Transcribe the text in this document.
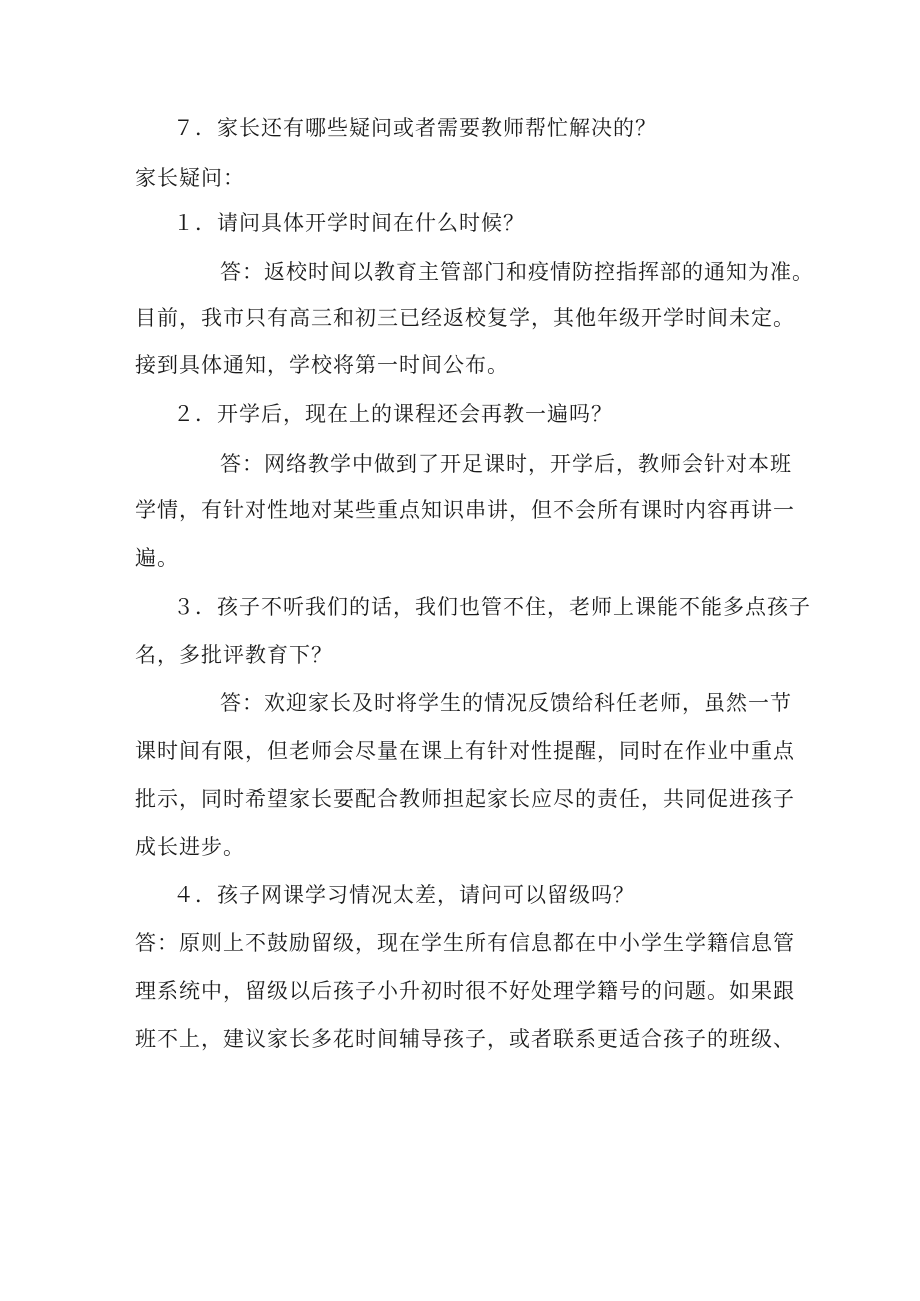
７．家长还有哪些疑问或者需要教师帮忙解决的？
家长疑问：
１．请问具体开学时间在什么时候？
答：返校时间以教育主管部门和疫情防控指挥部的通知为准。
目前，我市只有高三和初三已经返校复学，其他年级开学时间未定。
接到具体通知，学校将第一时间公布。
２．开学后，现在上的课程还会再教一遍吗？
答：网络教学中做到了开足课时，开学后，教师会针对本班
学情，有针对性地对某些重点知识串讲，但不会所有课时内容再讲一
遍。
３．孩子不听我们的话，我们也管不住，老师上课能不能多点孩子
名，多批评教育下？
答：欢迎家长及时将学生的情况反馈给科任老师，虽然一节
课时间有限，但老师会尽量在课上有针对性提醒，同时在作业中重点
批示，同时希望家长要配合教师担起家长应尽的责任，共同促进孩子
成长进步。
４．孩子网课学习情况太差，请问可以留级吗？
答：原则上不鼓励留级，现在学生所有信息都在中小学生学籍信息管
理系统中，留级以后孩子小升初时很不好处理学籍号的问题。如果跟
班不上，建议家长多花时间辅导孩子，或者联系更适合孩子的班级、
